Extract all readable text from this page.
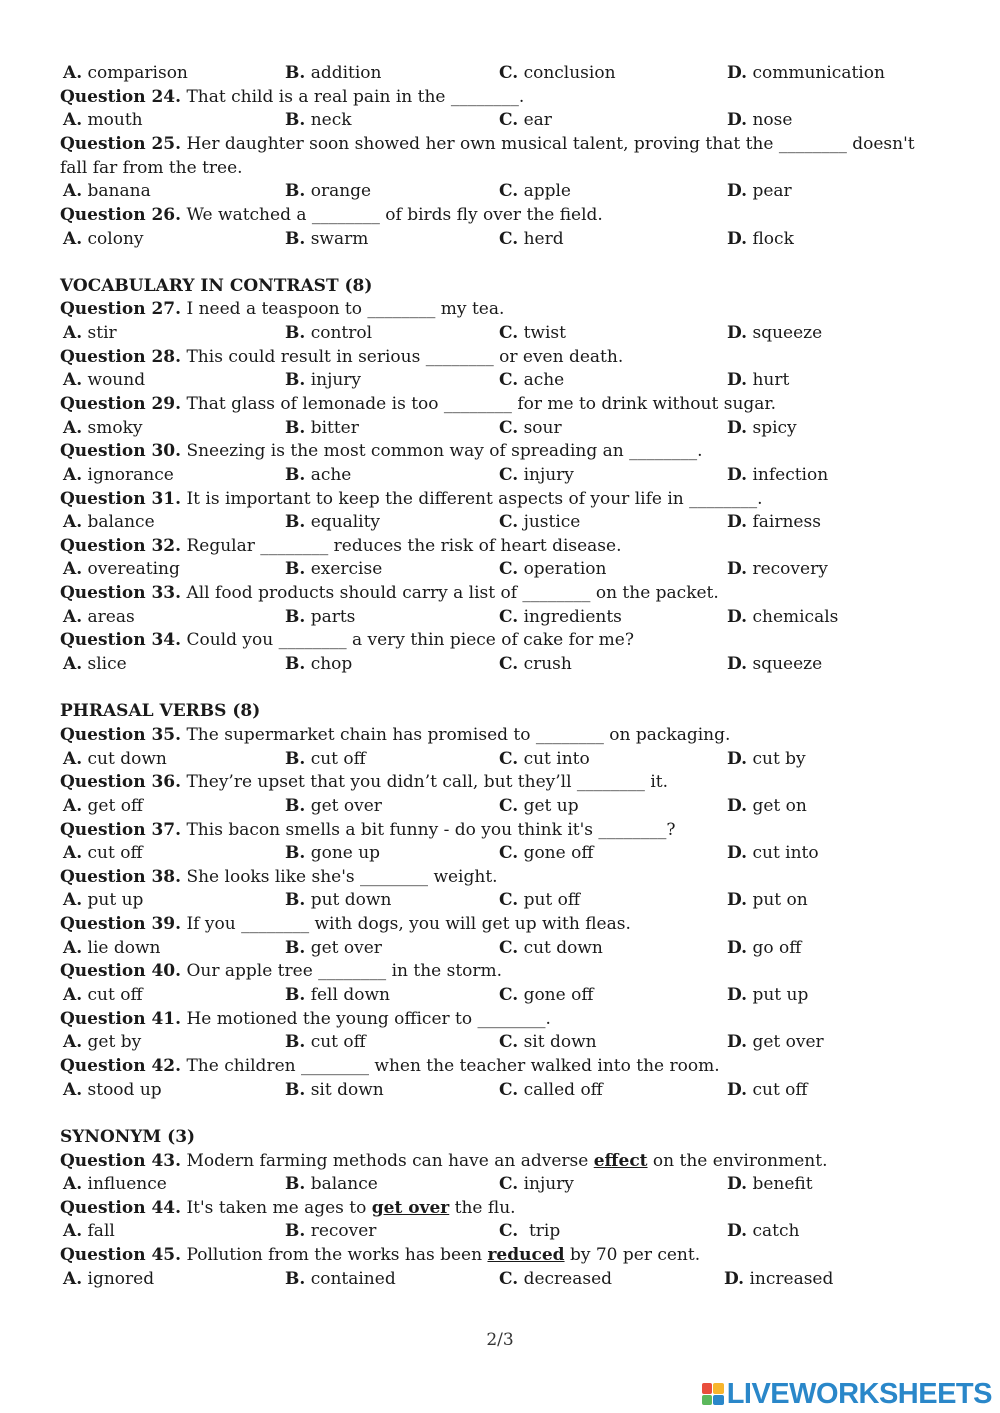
A. comparison	B. addition	C. conclusion	D. communication
Question 24. That child is a real pain in the ________.
A. mouth	B. neck	C. ear	D. nose
Question 25. Her daughter soon showed her own musical talent, proving that the ________ doesn't fall far from the tree.
A. banana	B. orange	C. apple	D. pear
Question 26. We watched a ________ of birds fly over the field.
A. colony	B. swarm	C. herd	D. flock
VOCABULARY IN CONTRAST (8)
Question 27. I need a teaspoon to ________ my tea.
A. stir	B. control	C. twist	D. squeeze
Question 28. This could result in serious ________ or even death.
A. wound	B. injury	C. ache	D. hurt
Question 29. That glass of lemonade is too ________ for me to drink without sugar.
A. smoky	B. bitter	C. sour	D. spicy
Question 30. Sneezing is the most common way of spreading an ________.
A. ignorance	B. ache	C. injury	D. infection
Question 31. It is important to keep the different aspects of your life in ________.
A. balance	B. equality	C. justice	D. fairness
Question 32. Regular ________ reduces the risk of heart disease.
A. overeating	B. exercise	C. operation	D. recovery
Question 33. All food products should carry a list of ________ on the packet.
A. areas	B. parts	C. ingredients	D. chemicals
Question 34. Could you ________ a very thin piece of cake for me?
A. slice	B. chop	C. crush	D. squeeze
PHRASAL VERBS (8)
Question 35. The supermarket chain has promised to ________ on packaging.
A. cut down	B. cut off	C. cut into	D. cut by
Question 36. They’re upset that you didn’t call, but they’ll ________ it.
A. get off	B. get over	C. get up	D. get on
Question 37. This bacon smells a bit funny - do you think it's ________?
A. cut off	B. gone up	C. gone off	D. cut into
Question 38. She looks like she's ________ weight.
A. put up	B. put down	C. put off	D. put on
Question 39. If you ________ with dogs, you will get up with fleas.
A. lie down	B. get over	C. cut down	D. go off
Question 40. Our apple tree ________ in the storm.
A. cut off	B. fell down	C. gone off	D. put up
Question 41. He motioned the young officer to ________.
A. get by	B. cut off	C. sit down	D. get over
Question 42. The children ________ when the teacher walked into the room.
A. stood up	B. sit down	C. called off	D. cut off
SYNONYM (3)
Question 43. Modern farming methods can have an adverse effect on the environment.
A. influence	B. balance	C. injury	D. benefit
Question 44. It's taken me ages to get over the flu.
A. fall	B. recover	C.  trip	D. catch
Question 45. Pollution from the works has been reduced by 70 per cent.
A. ignored	B. contained	C. decreased	D. increased
2/3
LIVEWORKSHEETS
